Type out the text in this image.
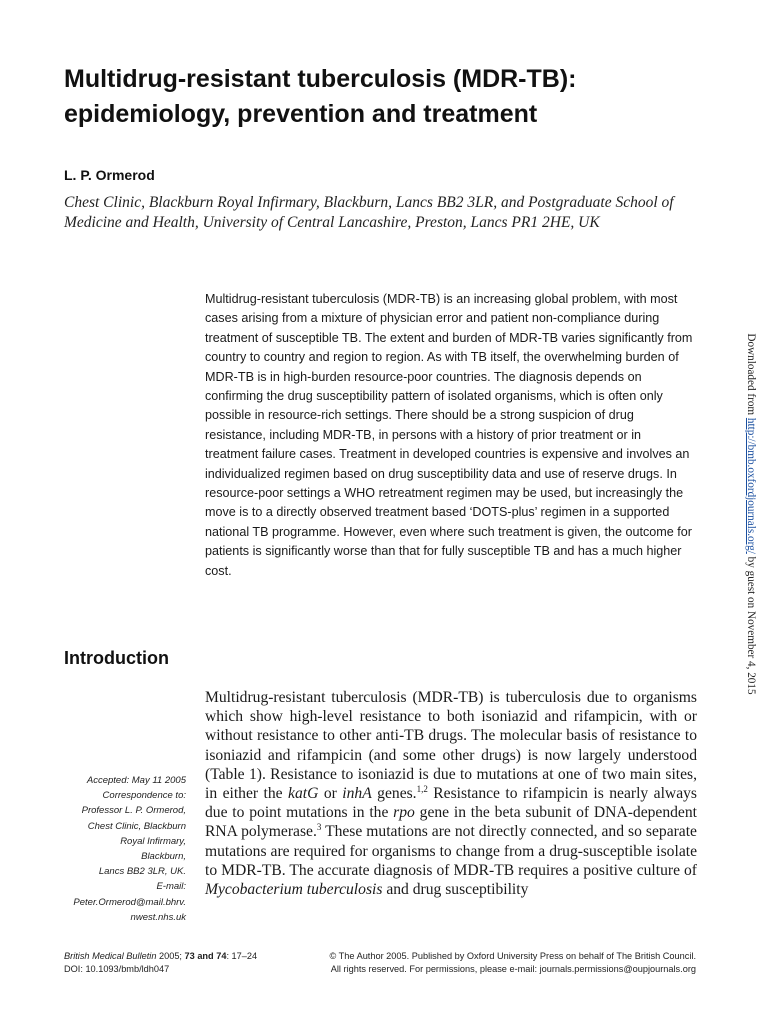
Multidrug-resistant tuberculosis (MDR-TB):
epidemiology, prevention and treatment
L. P. Ormerod
Chest Clinic, Blackburn Royal Infirmary, Blackburn, Lancs BB2 3LR, and Postgraduate School of Medicine and Health, University of Central Lancashire, Preston, Lancs PR1 2HE, UK
Multidrug-resistant tuberculosis (MDR-TB) is an increasing global problem, with most cases arising from a mixture of physician error and patient non-compliance during treatment of susceptible TB. The extent and burden of MDR-TB varies significantly from country to country and region to region. As with TB itself, the overwhelming burden of MDR-TB is in high-burden resource-poor countries. The diagnosis depends on confirming the drug susceptibility pattern of isolated organisms, which is often only possible in resource-rich settings. There should be a strong suspicion of drug resistance, including MDR-TB, in persons with a history of prior treatment or in treatment failure cases. Treatment in developed countries is expensive and involves an individualized regimen based on drug susceptibility data and use of reserve drugs. In resource-poor settings a WHO retreatment regimen may be used, but increasingly the move is to a directly observed treatment based ‘DOTS-plus’ regimen in a supported national TB programme. However, even where such treatment is given, the outcome for patients is significantly worse than that for fully susceptible TB and has a much higher cost.
Introduction
Multidrug-resistant tuberculosis (MDR-TB) is tuberculosis due to organisms which show high-level resistance to both isoniazid and rifampicin, with or without resistance to other anti-TB drugs. The molecular basis of resistance to isoniazid and rifampicin (and some other drugs) is now largely understood (Table 1). Resistance to isoniazid is due to mutations at one of two main sites, in either the katG or inhA genes.$^{1,2}$ Resistance to rifampicin is nearly always due to point mutations in the rpo gene in the beta subunit of DNA-dependent RNA polymerase.$^3$ These mutations are not directly connected, and so separate mutations are required for organisms to change from a drug-susceptible isolate to MDR-TB. The accurate diagnosis of MDR-TB requires a positive culture of Mycobacterium tuberculosis and drug susceptibility
Accepted: May 11 2005
Correspondence to:
Professor L. P. Ormerod,
Chest Clinic, Blackburn
Royal Infirmary,
Blackburn,
Lancs BB2 3LR, UK.
E-mail:
Peter.Ormerod@mail.bhrv.
nwest.nhs.uk
Downloaded from http://bmb.oxfordjournals.org/ by guest on November 4, 2015
British Medical Bulletin 2005; 73 and 74: 17–24
DOI: 10.1093/bmb/ldh047
© The Author 2005. Published by Oxford University Press on behalf of The British Council.
All rights reserved. For permissions, please e-mail: journals.permissions@oupjournals.org
